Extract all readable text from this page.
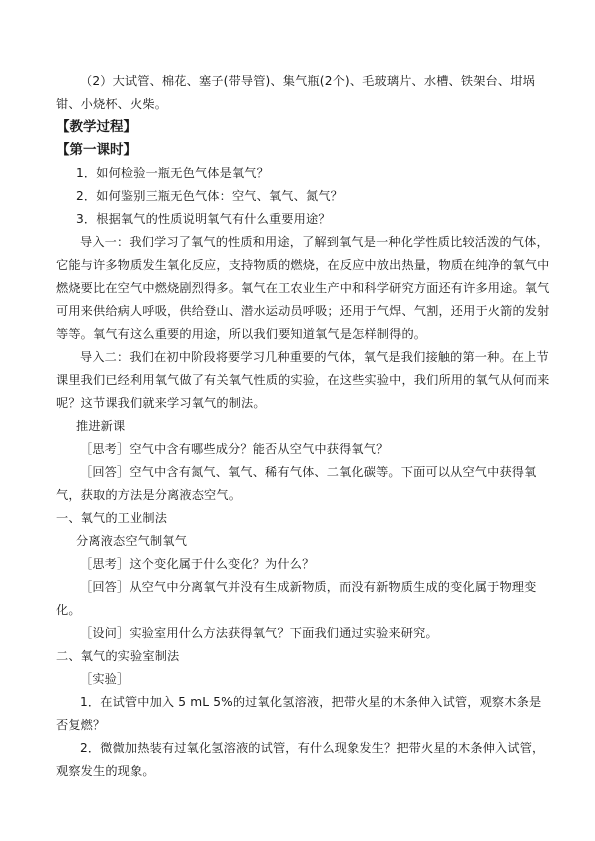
（2）大试管、棉花、塞子(带导管)、集气瓶(2个)、毛玻璃片、水槽、铁架台、坩埚钳、小烧杯、火柴。

【教学过程】

【第一课时】

1．如何检验一瓶无色气体是氧气？

2．如何鉴别三瓶无色气体：空气、氧气、氮气？

3．根据氧气的性质说明氧气有什么重要用途？

导入一：我们学习了氧气的性质和用途，了解到氧气是一种化学性质比较活泼的气体，它能与许多物质发生氧化反应，支持物质的燃烧，在反应中放出热量，物质在纯净的氧气中燃烧要比在空气中燃烧剧烈得多。氧气在工农业生产中和科学研究方面还有许多用途。氧气可用来供给病人呼吸，供给登山、潜水运动员呼吸；还用于气焊、气割，还用于火箭的发射等等。氧气有这么重要的用途，所以我们要知道氧气是怎样制得的。

导入二：我们在初中阶段将要学习几种重要的气体，氧气是我们接触的第一种。在上节课里我们已经利用氧气做了有关氧气性质的实验，在这些实验中，我们所用的氧气从何而来呢？这节课我们就来学习氧气的制法。

推进新课

［思考］空气中含有哪些成分？能否从空气中获得氧气？

［回答］空气中含有氮气、氧气、稀有气体、二氧化碳等。下面可以从空气中获得氧气，获取的方法是分离液态空气。

一、氧气的工业制法

分离液态空气制氧气

［思考］这个变化属于什么变化？为什么？

［回答］从空气中分离氧气并没有生成新物质，而没有新物质生成的变化属于物理变化。

［设问］实验室用什么方法获得氧气？下面我们通过实验来研究。

二、氧气的实验室制法

［实验］

1．在试管中加入 5 mL 5%的过氧化氢溶液，把带火星的木条伸入试管，观察木条是否复燃？

2．微微加热装有过氧化氢溶液的试管，有什么现象发生？把带火星的木条伸入试管，观察发生的现象。
